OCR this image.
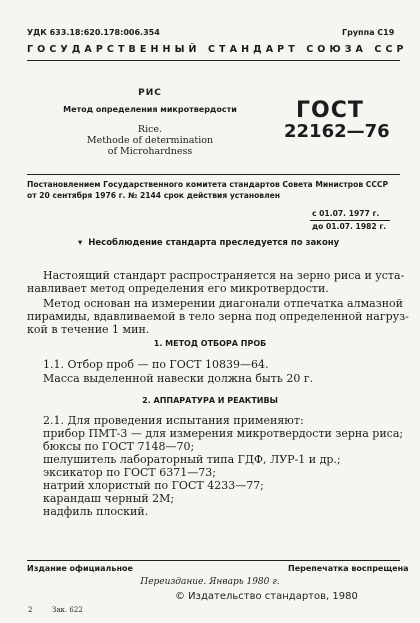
УДК 633.18:620.178:006.354	Группа С19
ГОСУДАРСТВЕННЫЙ СТАНДАРТ СОЮЗА ССР
РИС
Метод определения микротвердости
Rice.
Methode of determination
of Microhardness
ГОСТ
22162—76
Постановлением Государственного комитета стандартов Совета Министров СССР
от 20 сентября 1976 г. № 2144 срок действия установлен
с 01.07. 1977 г.
до 01.07. 1982 г.
▾ Несоблюдение стандарта преследуется по закону
Настоящий стандарт распространяется на зерно риса и уста-
навливает метод определения его микротвердости.
Метод основан на измерении диагонали отпечатка алмазной
пирамиды, вдавливаемой в тело зерна под определенной нагруз-
кой в течение 1 мин.
1. МЕТОД ОТБОРА ПРОБ
1.1. Отбор проб — по ГОСТ 10839—64.
Масса выделенной навески должна быть 20 г.
2. АППАРАТУРА И РЕАКТИВЫ
2.1. Для проведения испытания применяют:
прибор ПМТ-3 — для измерения микротвердости зерна риса;
бюксы по ГОСТ 7148—70;
шелушитель лабораторный типа ГДФ, ЛУР-1 и др.;
эксикатор по ГОСТ 6371—73;
натрий хлористый по ГОСТ 4233—77;
карандаш черный 2М;
надфиль плоский.
Издание официальное	Перепечатка воспрещена
Переиздание. Январь 1980 г.
© Издательство стандартов, 1980
2	Зак. 622
